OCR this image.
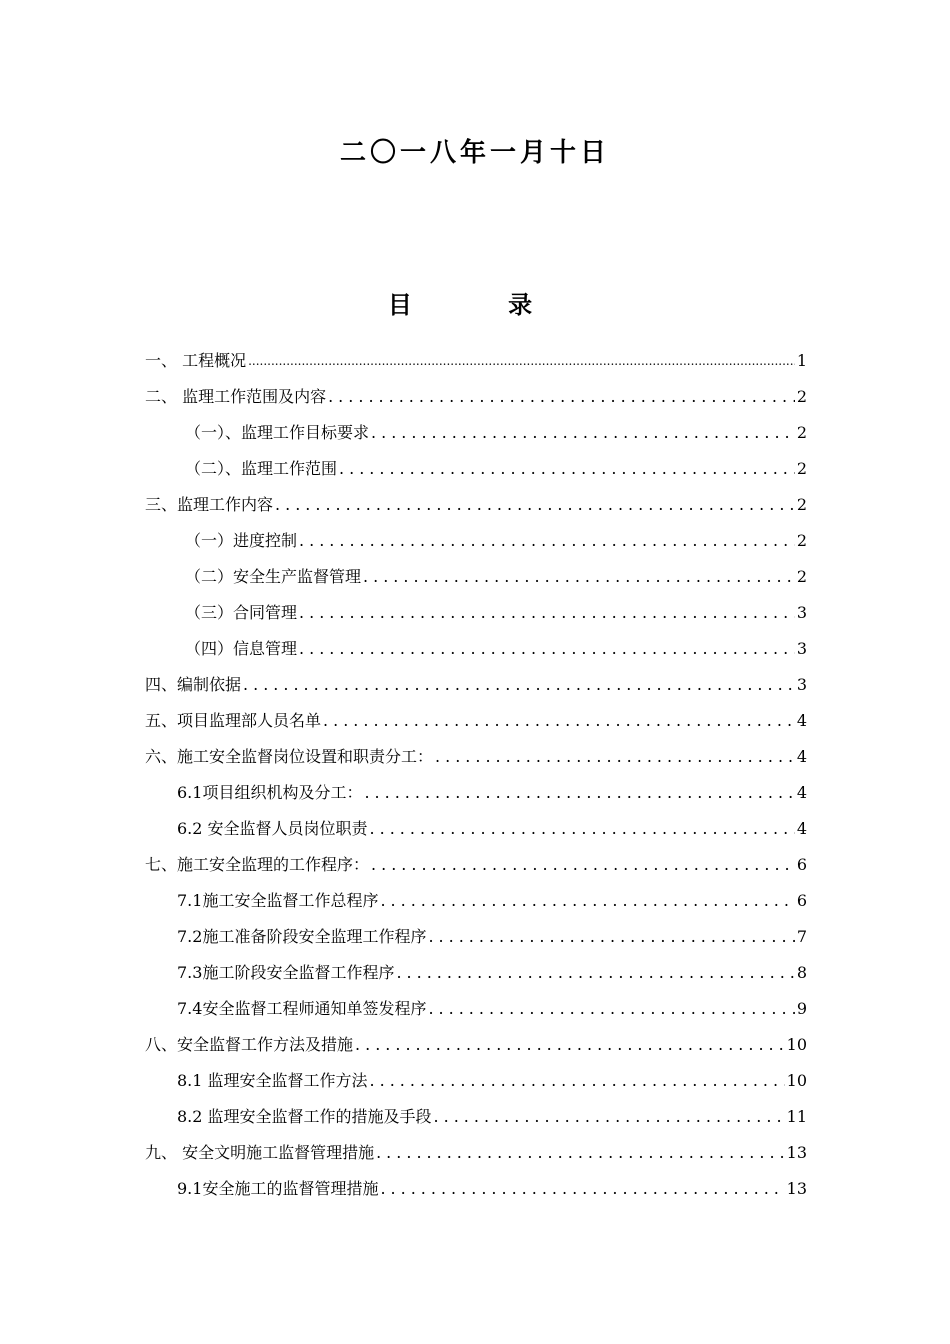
二〇一八年一月十日
目 录
一、 工程概况 .....	1
二、 监理工作范围及内容 .....	2
（一）、监理工作目标要求 .....	2
（二）、监理工作范围 .....	2
三、监理工作内容 .....	2
（一）进度控制 .....	2
（二）安全生产监督管理 .....	2
（三）合同管理 .....	3
（四）信息管理 .....	3
四、编制依据 .....	3
五、项目监理部人员名单 .....	4
六、施工安全监督岗位设置和职责分工： .....	4
6.1项目组织机构及分工： .....	4
6.2 安全监督人员岗位职责 .....	4
七、施工安全监理的工作程序： .....	6
7.1施工安全监督工作总程序 .....	6
7.2施工准备阶段安全监理工作程序 .....	7
7.3施工阶段安全监督工作程序 .....	8
7.4安全监督工程师通知单签发程序 .....	9
八、安全监督工作方法及措施 .....	10
8.1 监理安全监督工作方法 .....	10
8.2 监理安全监督工作的措施及手段 .....	11
九、 安全文明施工监督管理措施 .....	13
9.1安全施工的监督管理措施 .....	13
